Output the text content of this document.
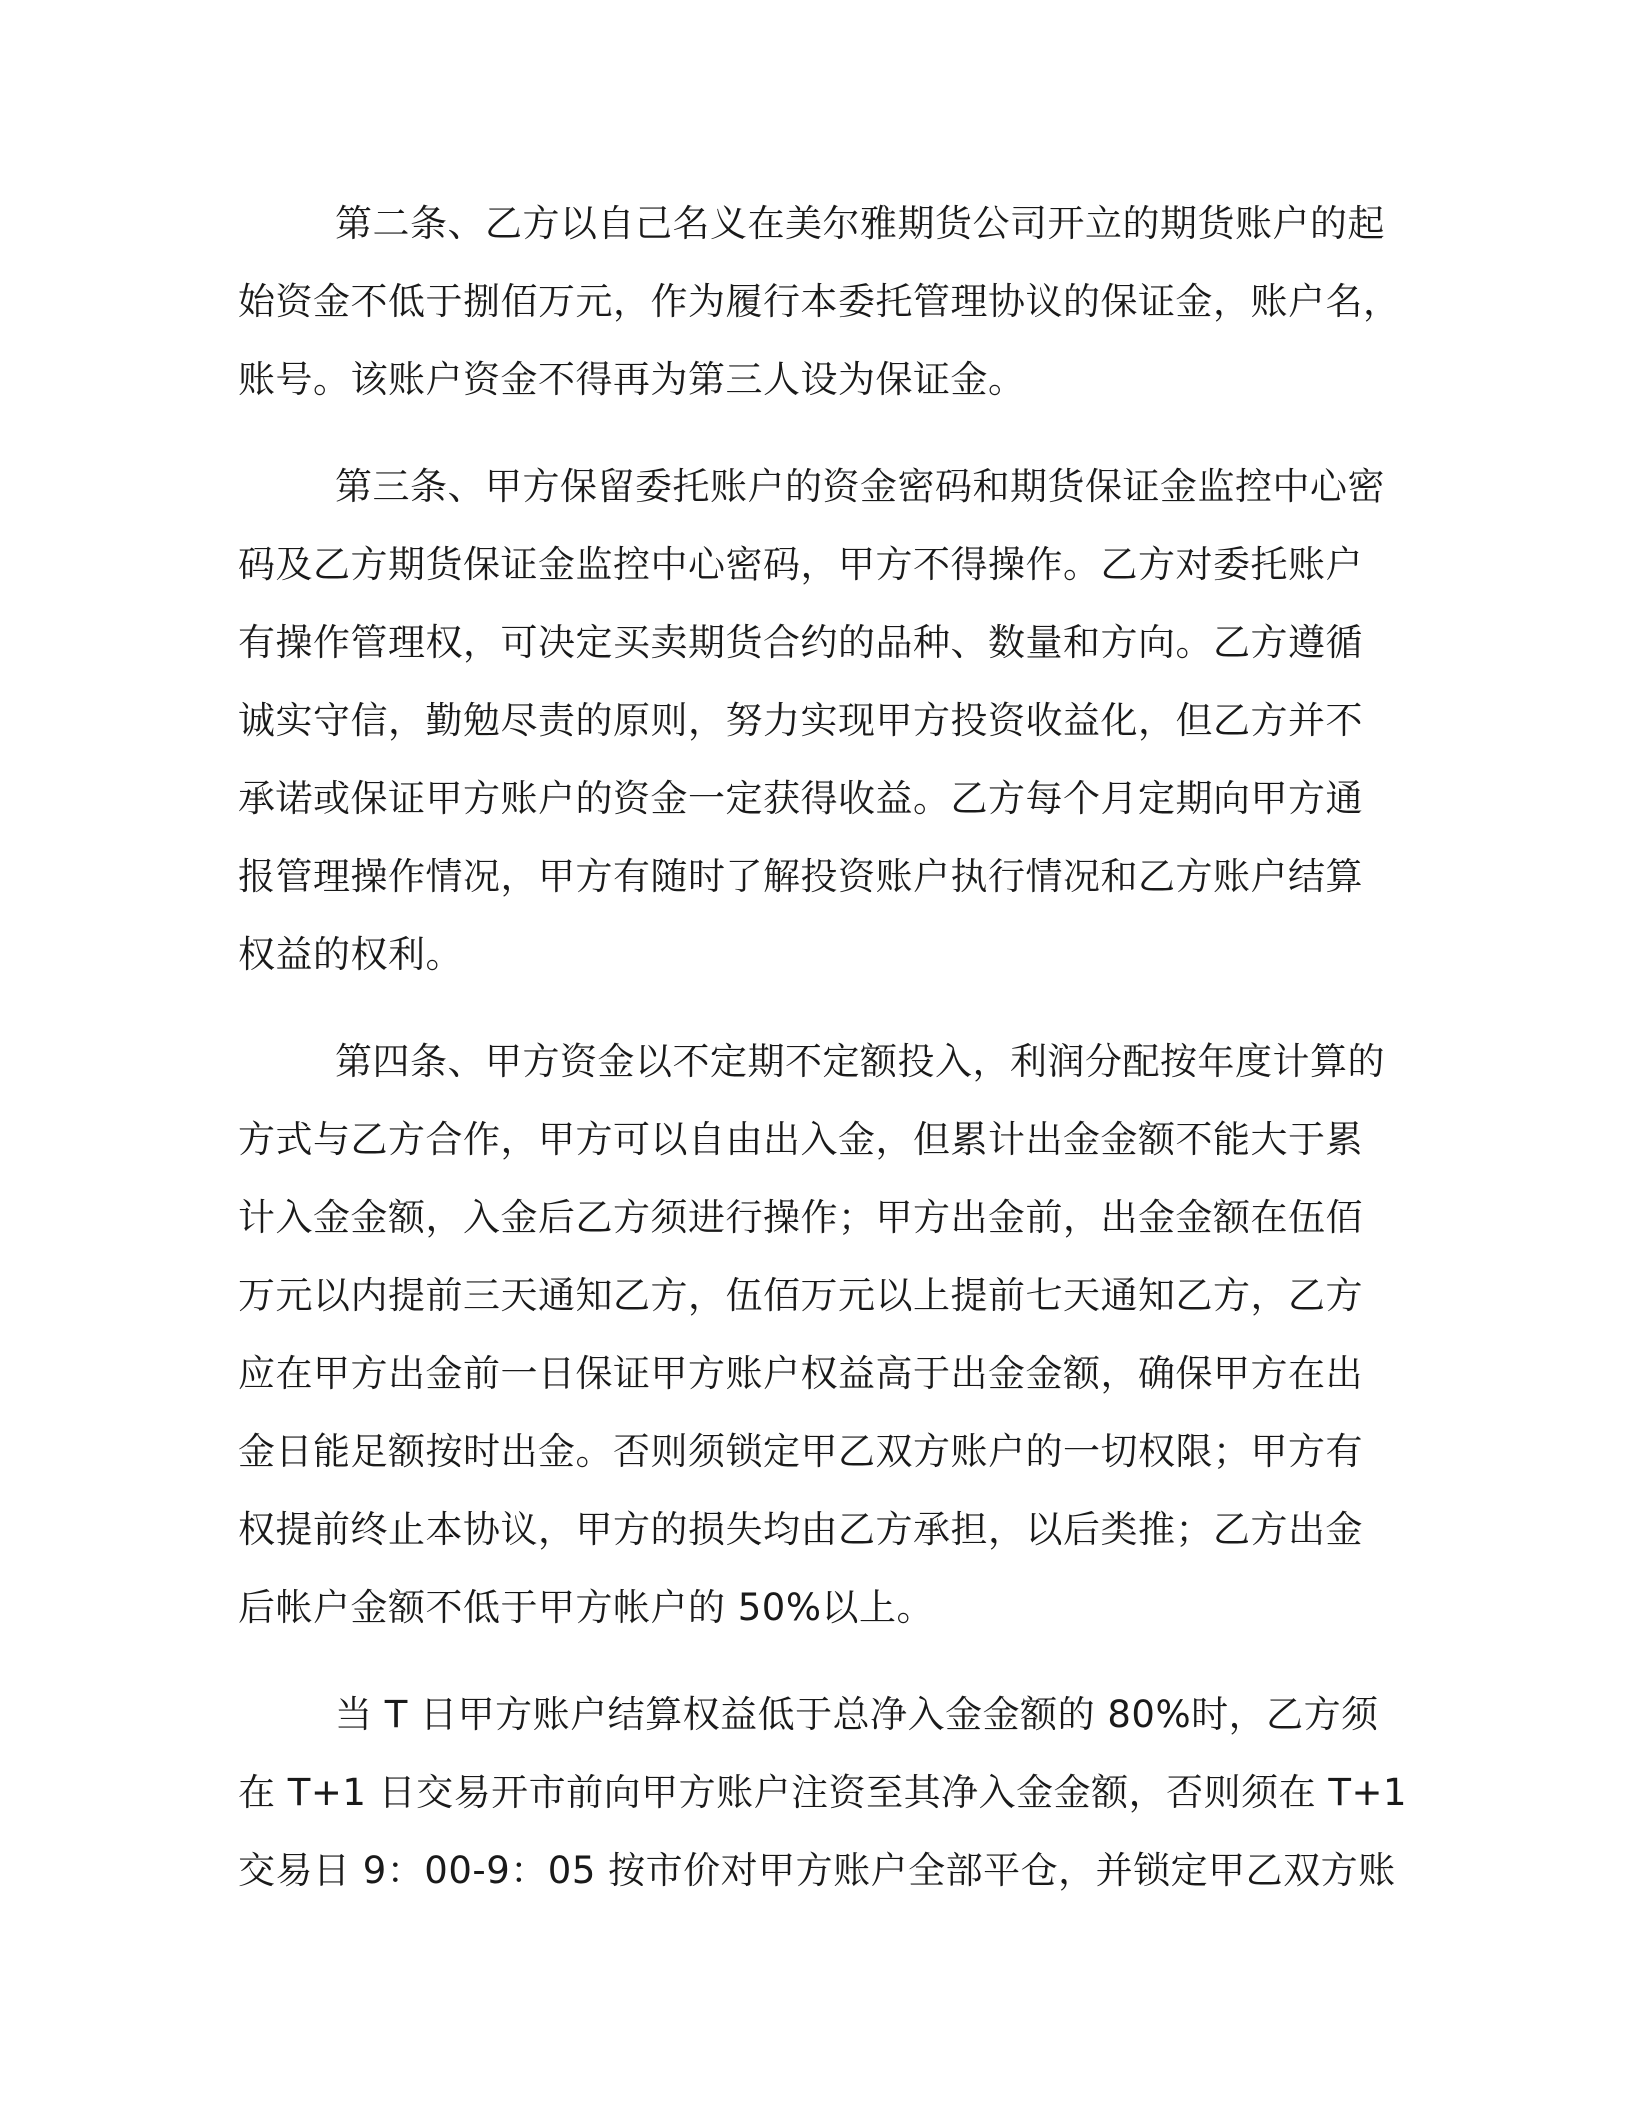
第二条、乙方以自己名义在美尔雅期货公司开立的期货账户的起
始资金不低于捌佰万元，作为履行本委托管理协议的保证金，账户名，
账号。该账户资金不得再为第三人设为保证金。
第三条、甲方保留委托账户的资金密码和期货保证金监控中心密
码及乙方期货保证金监控中心密码，甲方不得操作。乙方对委托账户
有操作管理权，可决定买卖期货合约的品种、数量和方向。乙方遵循
诚实守信，勤勉尽责的原则，努力实现甲方投资收益化，但乙方并不
承诺或保证甲方账户的资金一定获得收益。乙方每个月定期向甲方通
报管理操作情况，甲方有随时了解投资账户执行情况和乙方账户结算
权益的权利。
第四条、甲方资金以不定期不定额投入，利润分配按年度计算的
方式与乙方合作，甲方可以自由出入金，但累计出金金额不能大于累
计入金金额，入金后乙方须进行操作；甲方出金前，出金金额在伍佰
万元以内提前三天通知乙方，伍佰万元以上提前七天通知乙方，乙方
应在甲方出金前一日保证甲方账户权益高于出金金额，确保甲方在出
金日能足额按时出金。否则须锁定甲乙双方账户的一切权限；甲方有
权提前终止本协议，甲方的损失均由乙方承担，以后类推；乙方出金
后帐户金额不低于甲方帐户的 50%以上。
当 T 日甲方账户结算权益低于总净入金金额的 80%时，乙方须
在 T+1 日交易开市前向甲方账户注资至其净入金金额，否则须在 T+1
交易日 9：00-9：05 按市价对甲方账户全部平仓，并锁定甲乙双方账
